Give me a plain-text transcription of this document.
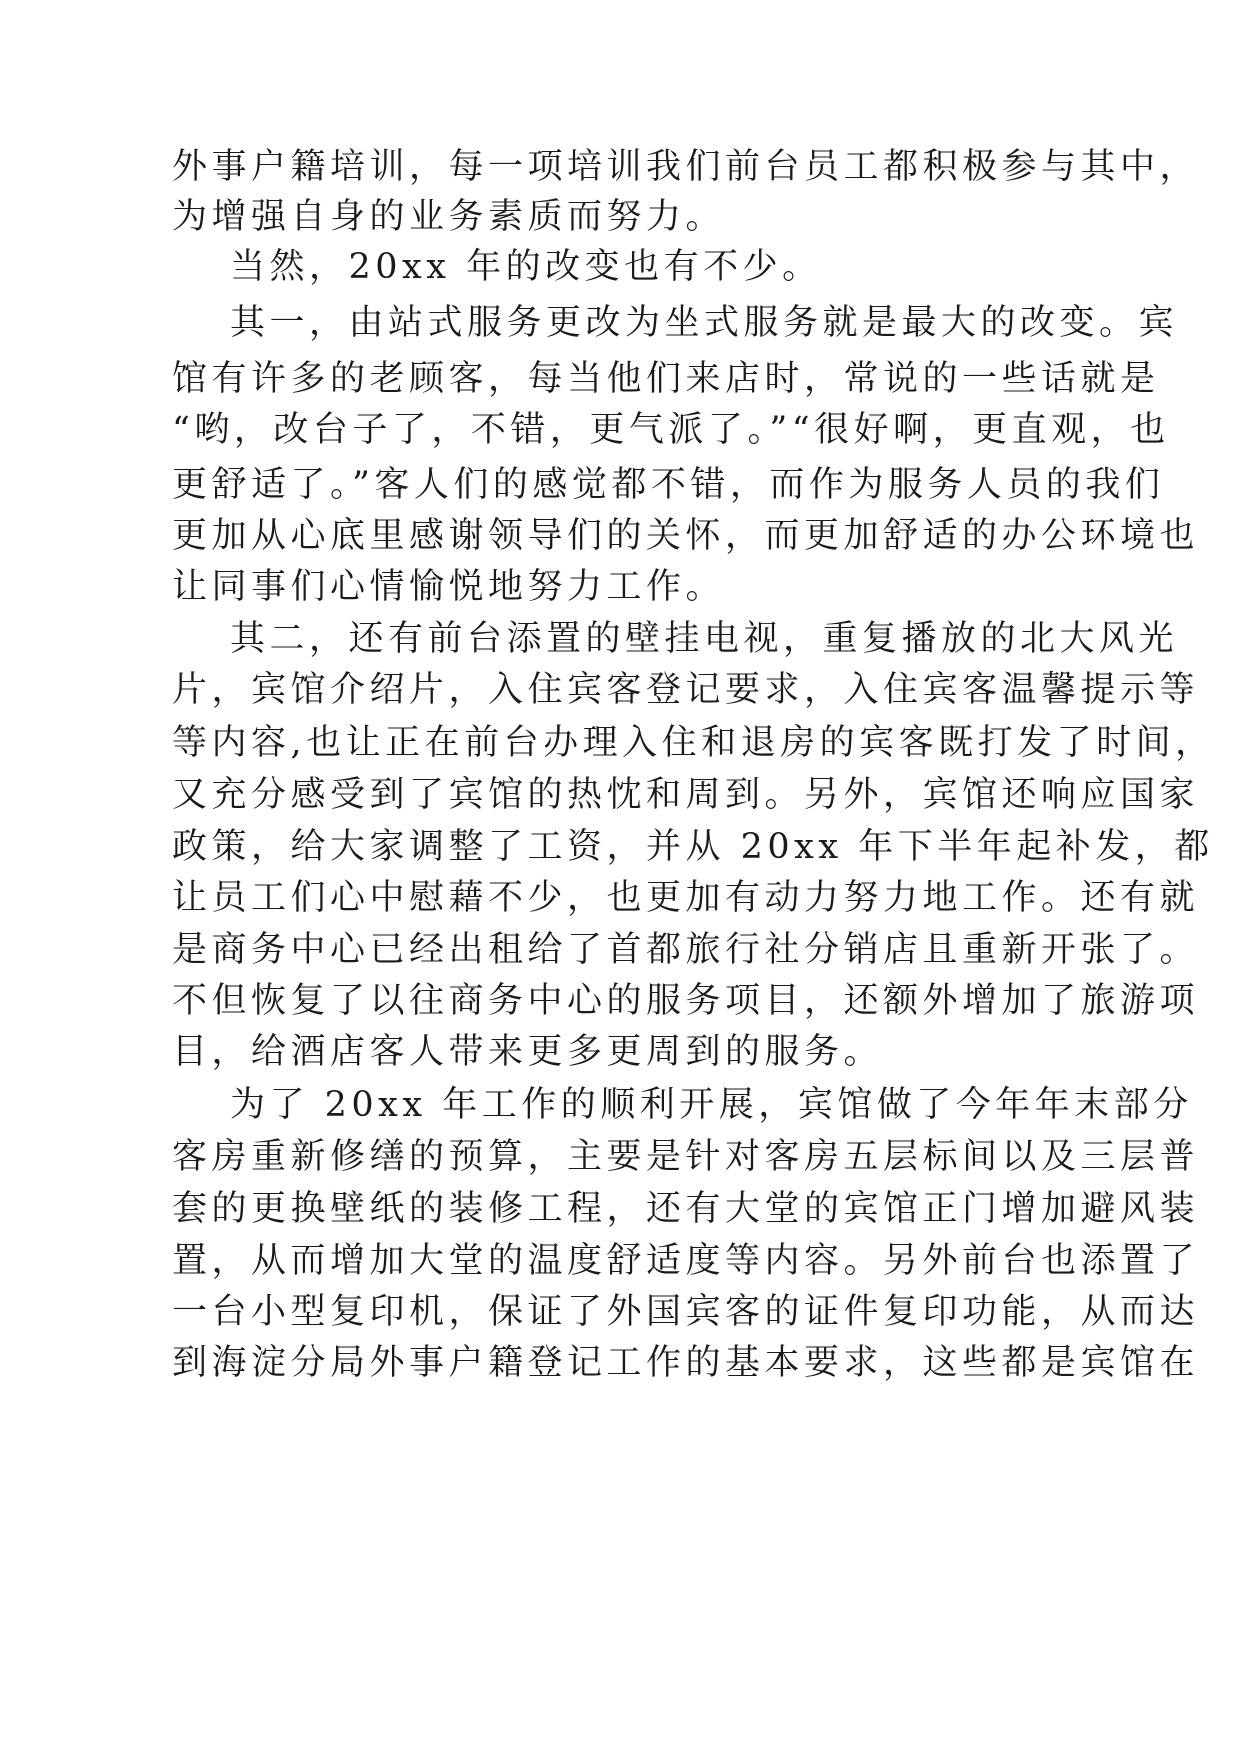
外事户籍培训，每一项培训我们前台员工都积极参与其中，
为增强自身的业务素质而努力。
当然，20xx 年的改变也有不少。
其一，由站式服务更改为坐式服务就是最大的改变。宾
馆有许多的老顾客，每当他们来店时，常说的一些话就是
“哟，改台子了，不错，更气派了。”“很好啊，更直观，也
更舒适了。”客人们的感觉都不错，而作为服务人员的我们
更加从心底里感谢领导们的关怀，而更加舒适的办公环境也
让同事们心情愉悦地努力工作。
其二，还有前台添置的壁挂电视，重复播放的北大风光
片，宾馆介绍片，入住宾客登记要求，入住宾客温馨提示等
等内容,也让正在前台办理入住和退房的宾客既打发了时间，
又充分感受到了宾馆的热忱和周到。另外，宾馆还响应国家
政策，给大家调整了工资，并从 20xx 年下半年起补发，都
让员工们心中慰藉不少，也更加有动力努力地工作。还有就
是商务中心已经出租给了首都旅行社分销店且重新开张了。
不但恢复了以往商务中心的服务项目，还额外增加了旅游项
目，给酒店客人带来更多更周到的服务。
为了 20xx 年工作的顺利开展，宾馆做了今年年末部分
客房重新修缮的预算，主要是针对客房五层标间以及三层普
套的更换壁纸的装修工程，还有大堂的宾馆正门增加避风装
置，从而增加大堂的温度舒适度等内容。另外前台也添置了
一台小型复印机，保证了外国宾客的证件复印功能，从而达
到海淀分局外事户籍登记工作的基本要求，这些都是宾馆在
